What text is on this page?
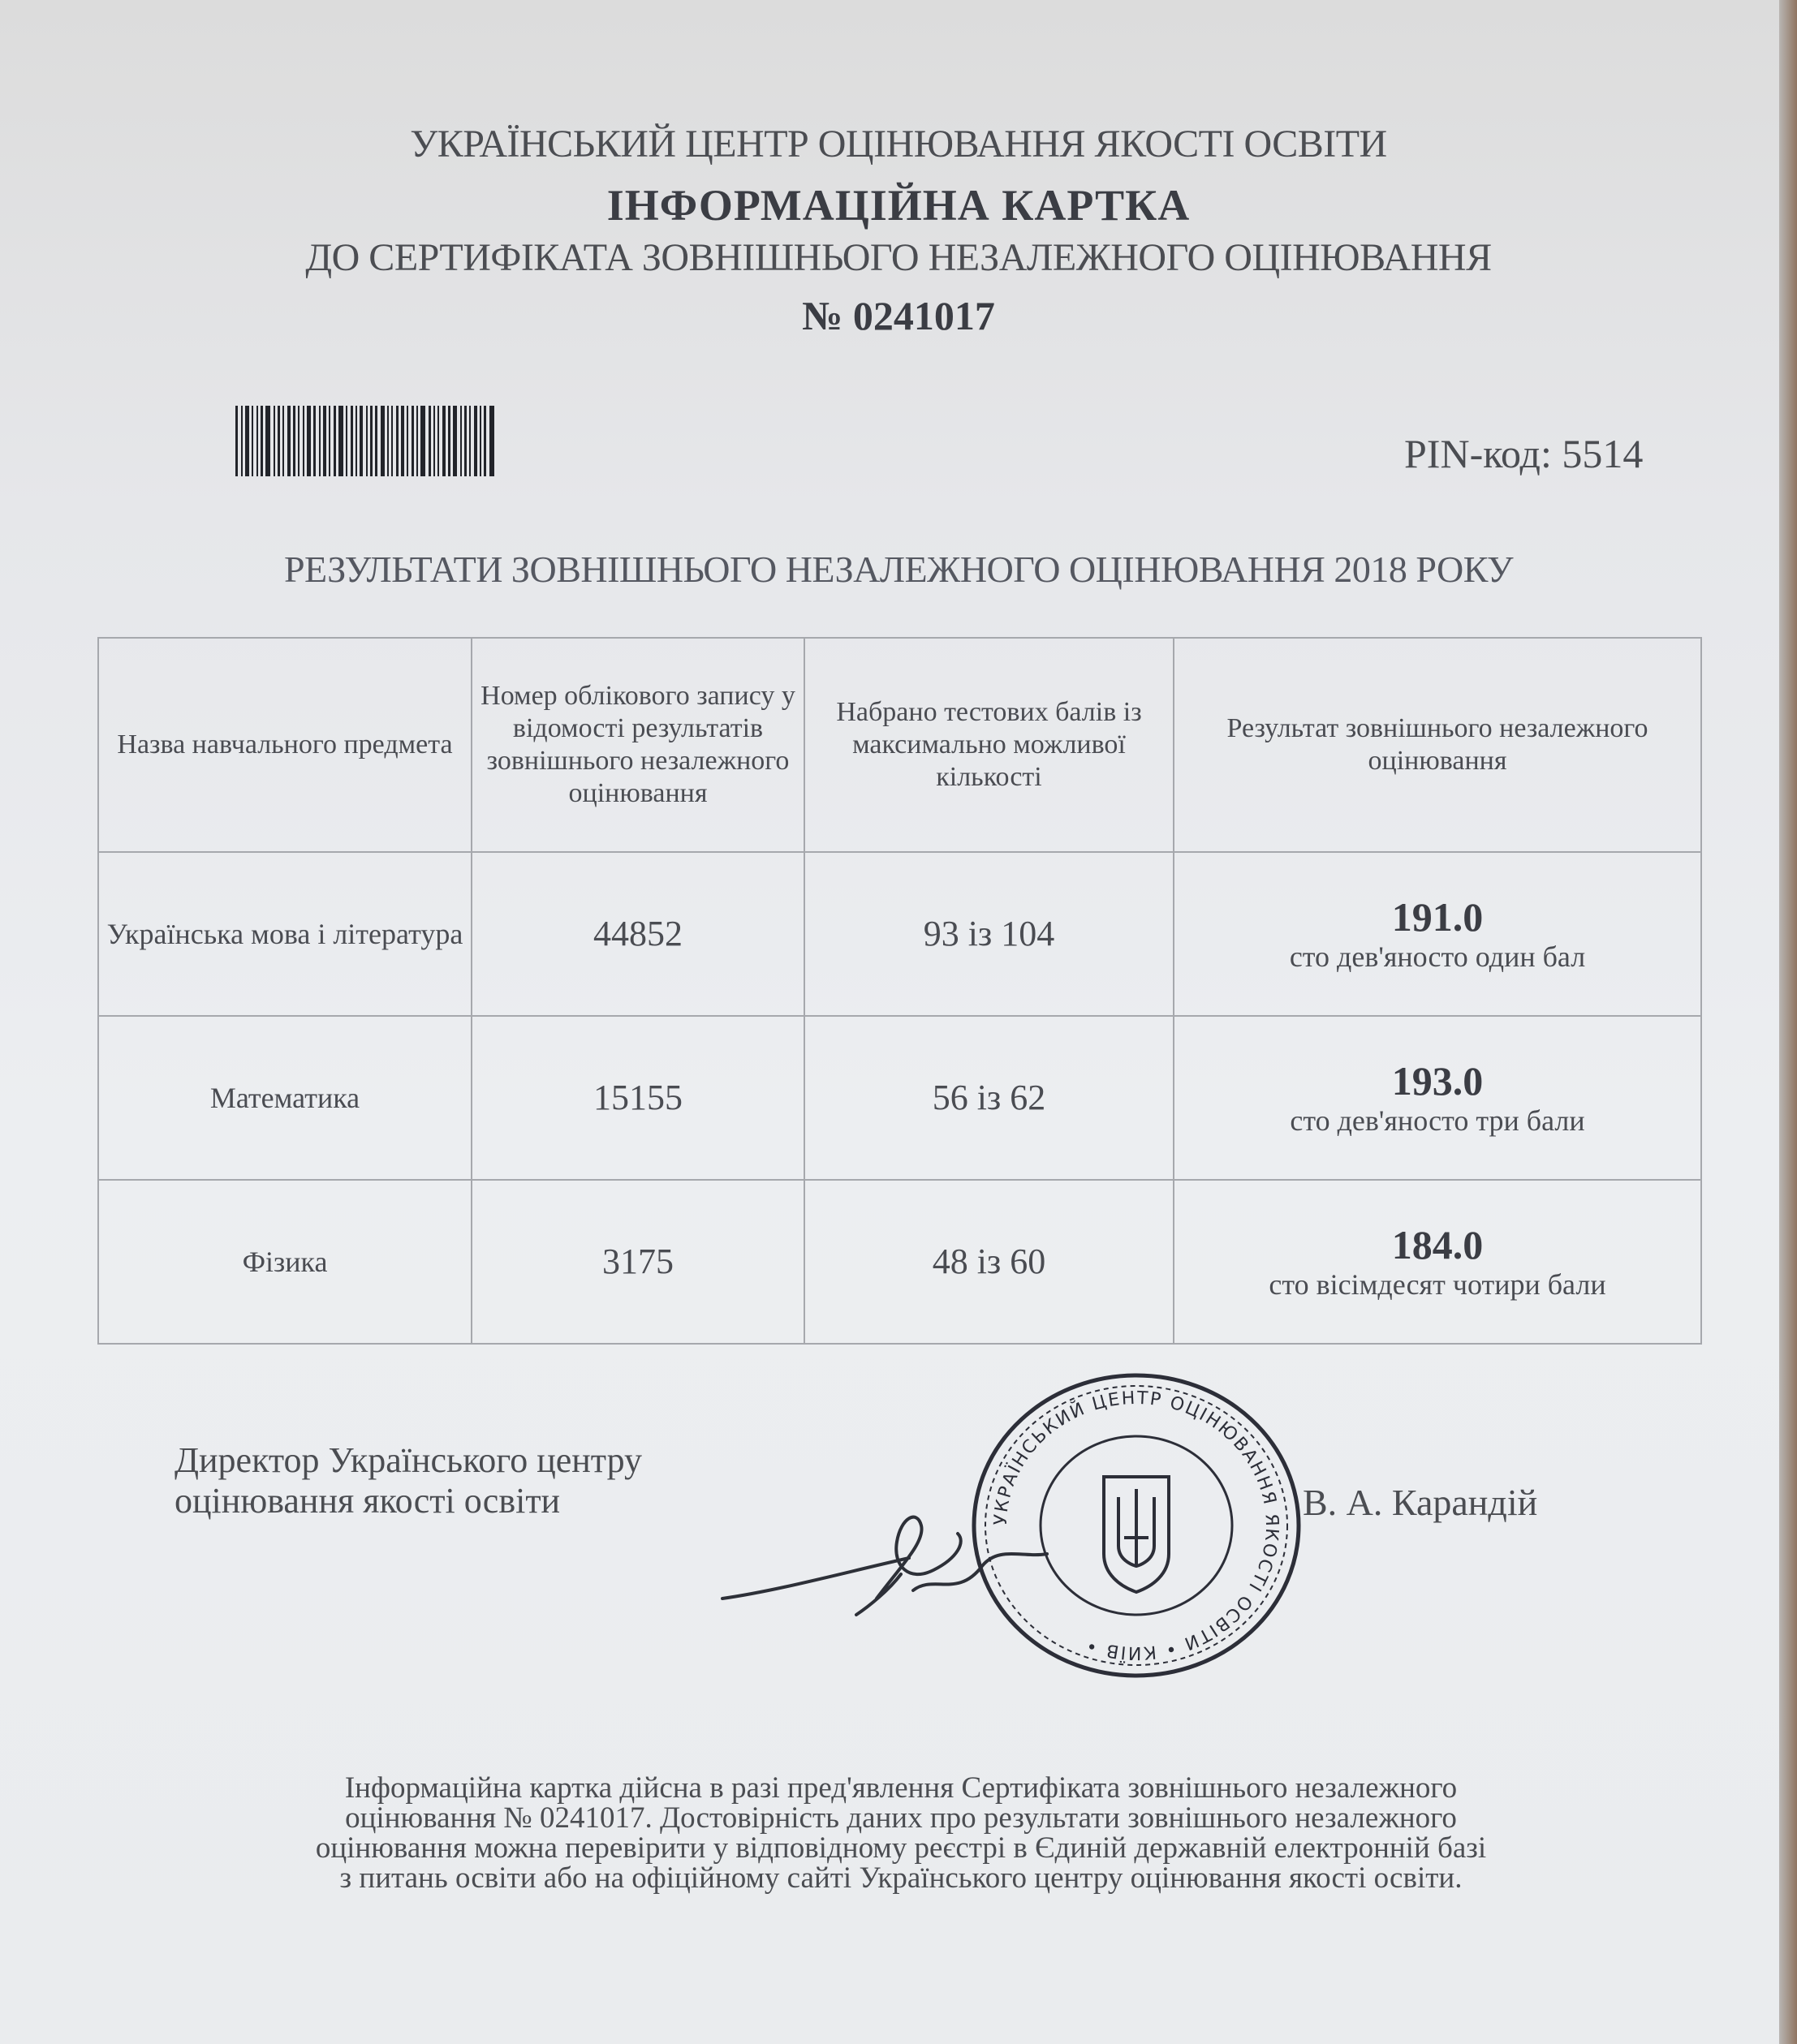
УКРАЇНСЬКИЙ ЦЕНТР ОЦІНЮВАННЯ ЯКОСТІ ОСВІТИ
ІНФОРМАЦІЙНА КАРТКА
ДО СЕРТИФІКАТА ЗОВНІШНЬОГО НЕЗАЛЕЖНОГО ОЦІНЮВАННЯ
№ 0241017
PIN-код: 5514
РЕЗУЛЬТАТИ ЗОВНІШНЬОГО НЕЗАЛЕЖНОГО ОЦІНЮВАННЯ 2018 РОКУ
Назва навчального предмета	Номер облікового запису у відомості результатів зовнішнього незалежного оцінювання	Набрано тестових балів із максимально можливої кількості	Результат зовнішнього незалежного оцінювання
Українська мова і література	44852	93 із 104	191.0
сто дев'яносто один бал

Математика	15155	56 із 62	193.0
сто дев'яносто три бали

Фізика	3175	48 із 60	184.0
сто вісімдесят чотири бали
Директор Українського центру
оцінювання якості освіти	УКРАЇНСЬКИЙ ЦЕНТР ОЦІНЮВАННЯ ЯКОСТІ ОСВІТИ • КИЇВ •
В. А. Карандій
Інформаційна картка дійсна в разі пред'явлення Сертифіката зовнішнього незалежного
оцінювання № 0241017. Достовірність даних про результати зовнішнього незалежного
оцінювання можна перевірити у відповідному реєстрі в Єдиній державній електронній базі
з питань освіти або на офіційному сайті Українського центру оцінювання якості освіти.
